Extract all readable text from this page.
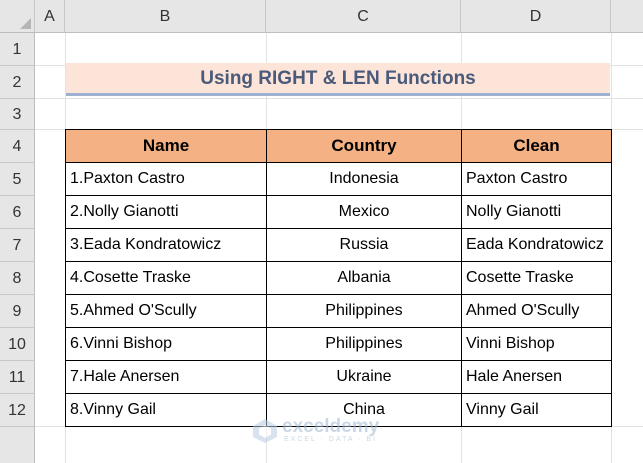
A	B	C	D
1
2
3
4
5
6
7
8
9
10
11
12
Using RIGHT & LEN Functions
Name	Country	Clean
1.Paxton Castro	Indonesia	Paxton Castro
2.Nolly Gianotti	Mexico	Nolly Gianotti
3.Eada Kondratowicz	Russia	Eada Kondratowicz
4.Cosette Traske	Albania	Cosette Traske
5.Ahmed O'Scully	Philippines	Ahmed O'Scully
6.Vinni Bishop	Philippines	Vinni Bishop
7.Hale Anersen	Ukraine	Hale Anersen
8.Vinny Gail	China	Vinny Gail
exceldemy
EXCEL · DATA · BI
